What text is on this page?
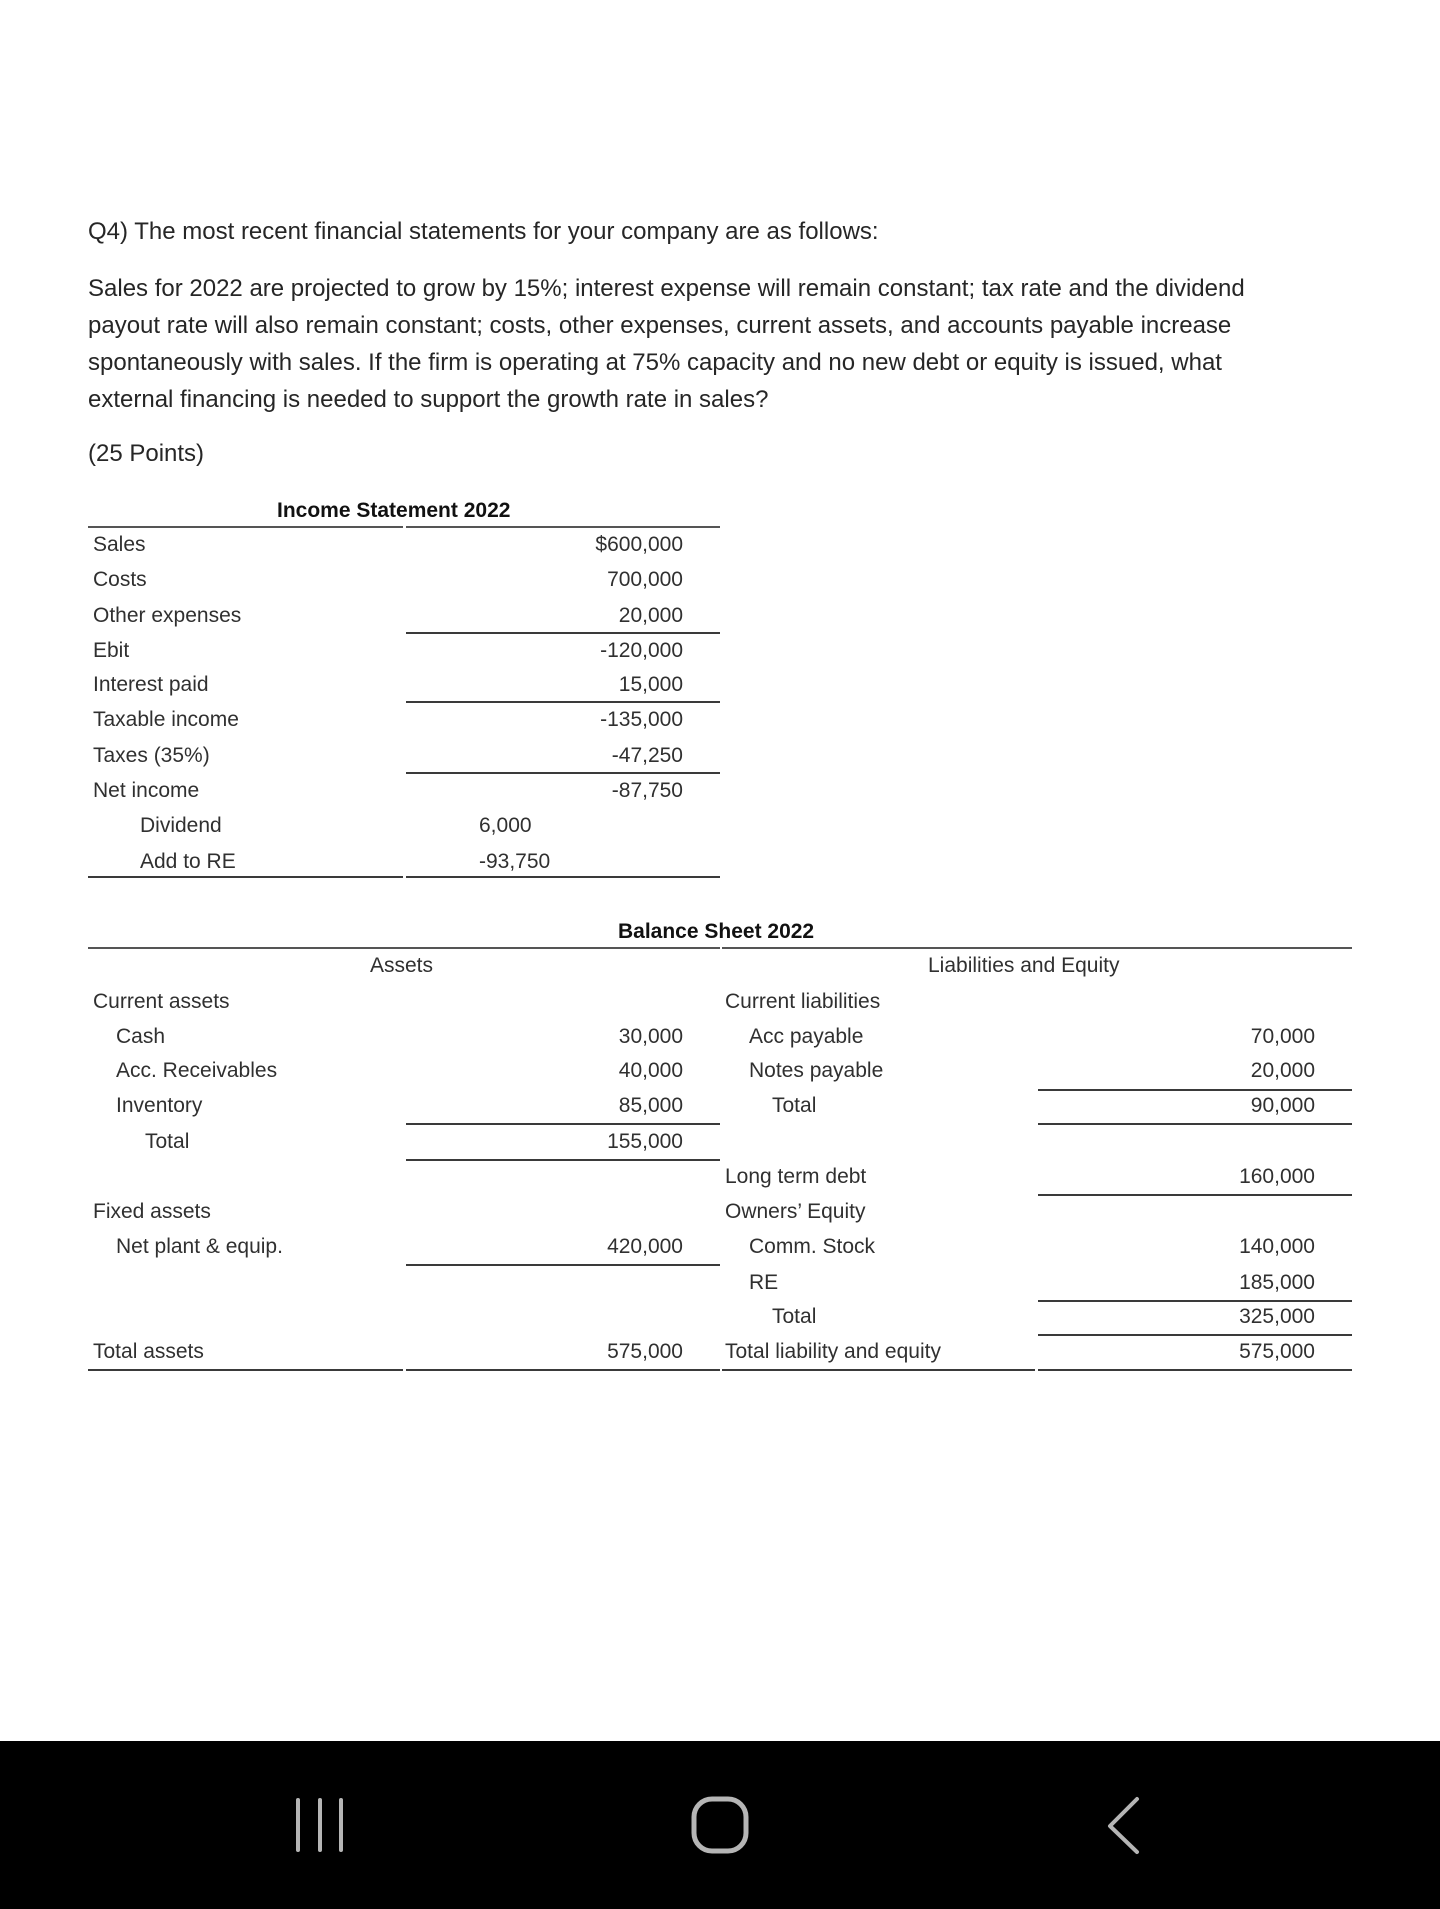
Q4) The most recent financial statements for your company are as follows:
Sales for 2022 are projected to grow by 15%; interest expense will remain constant; tax rate and the dividend
payout rate will also remain constant; costs, other expenses, current assets, and accounts payable increase
spontaneously with sales. If the firm is operating at 75% capacity and no new debt or equity is issued, what
external financing is needed to support the growth rate in sales?
(25 Points)
Income Statement 2022
Sales	$600,000
Costs	700,000
Other expenses	20,000
Ebit	-120,000
Interest paid	15,000
Taxable income	-135,000
Taxes (35%)	-47,250
Net income	-87,750
Dividend	6,000
Add to RE	-93,750
Balance Sheet 2022
Assets	Liabilities and Equity
Current assets
Cash	30,000
Acc. Receivables	40,000
Inventory	85,000
Total	155,000
Fixed assets
Net plant & equip.	420,000
Total assets	575,000
Current liabilities
Acc payable	70,000
Notes payable	20,000
Total	90,000
Long term debt	160,000
Owners’ Equity
Comm. Stock	140,000
RE	185,000
Total	325,000
Total liability and equity	575,000
